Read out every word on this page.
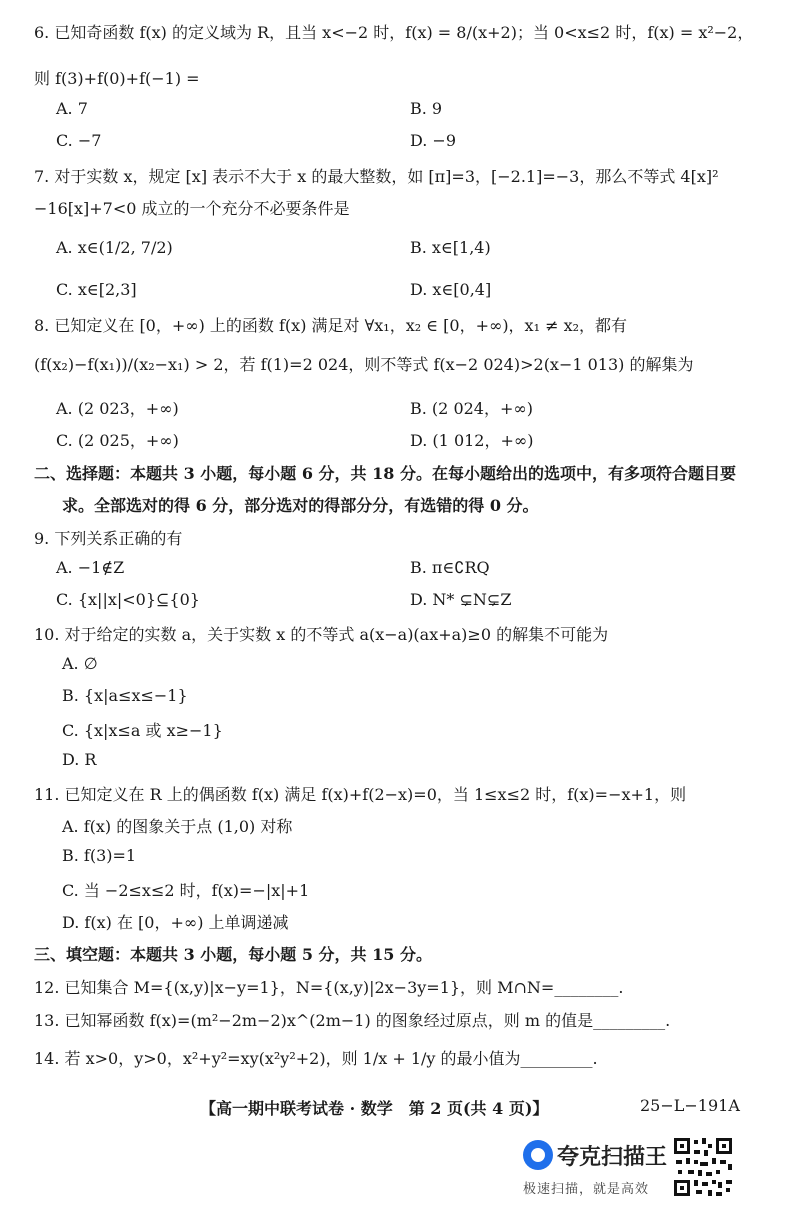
6. 已知奇函数 f(x) 的定义域为 R，且当 x<−2 时，f(x) = 8/(x+2)；当 0<x≤2 时，f(x) = x²−2，
则 f(3)+f(0)+f(−1) =
A. 7	B. 9
C. −7	D. −9
7. 对于实数 x，规定 [x] 表示不大于 x 的最大整数，如 [π]=3，[−2.1]=−3，那么不等式 4[x]²
−16[x]+7<0 成立的一个充分不必要条件是
A. x∈(1/2, 7/2)	B. x∈[1,4)
C. x∈[2,3]	D. x∈[0,4]
8. 已知定义在 [0，+∞) 上的函数 f(x) 满足对 ∀x₁，x₂ ∈ [0，+∞)，x₁ ≠ x₂，都有
(f(x₂)−f(x₁))/(x₂−x₁) > 2，若 f(1)=2 024，则不等式 f(x−2 024)>2(x−1 013) 的解集为
A. (2 023，+∞)	B. (2 024，+∞)
C. (2 025，+∞)	D. (1 012，+∞)
二、选择题：本题共 3 小题，每小题 6 分，共 18 分。在每小题给出的选项中，有多项符合题目要
求。全部选对的得 6 分，部分选对的得部分分，有选错的得 0 分。
9. 下列关系正确的有
A. −1∉Z	B. π∈∁RQ
C. {x||x|<0}⊆{0}	D. N* ⊊N⊊Z
10. 对于给定的实数 a，关于实数 x 的不等式 a(x−a)(ax+a)≥0 的解集不可能为
A. ∅
B. {x|a≤x≤−1}
C. {x|x≤a 或 x≥−1}
D. R
11. 已知定义在 R 上的偶函数 f(x) 满足 f(x)+f(2−x)=0，当 1≤x≤2 时，f(x)=−x+1，则
A. f(x) 的图象关于点 (1,0) 对称
B. f(3)=1
C. 当 −2≤x≤2 时，f(x)=−|x|+1
D. f(x) 在 [0，+∞) 上单调递减
三、填空题：本题共 3 小题，每小题 5 分，共 15 分。
12. 已知集合 M={(x,y)|x−y=1}，N={(x,y)|2x−3y=1}，则 M∩N=________.
13. 已知幂函数 f(x)=(m²−2m−2)x^(2m−1) 的图象经过原点，则 m 的值是_________.
14. 若 x>0，y>0，x²+y²=xy(x²y²+2)，则 1/x + 1/y 的最小值为_________.
【高一期中联考试卷 · 数学　第 2 页(共 4 页)】	25−L−191A
夸克扫描王
极速扫描，就是高效
